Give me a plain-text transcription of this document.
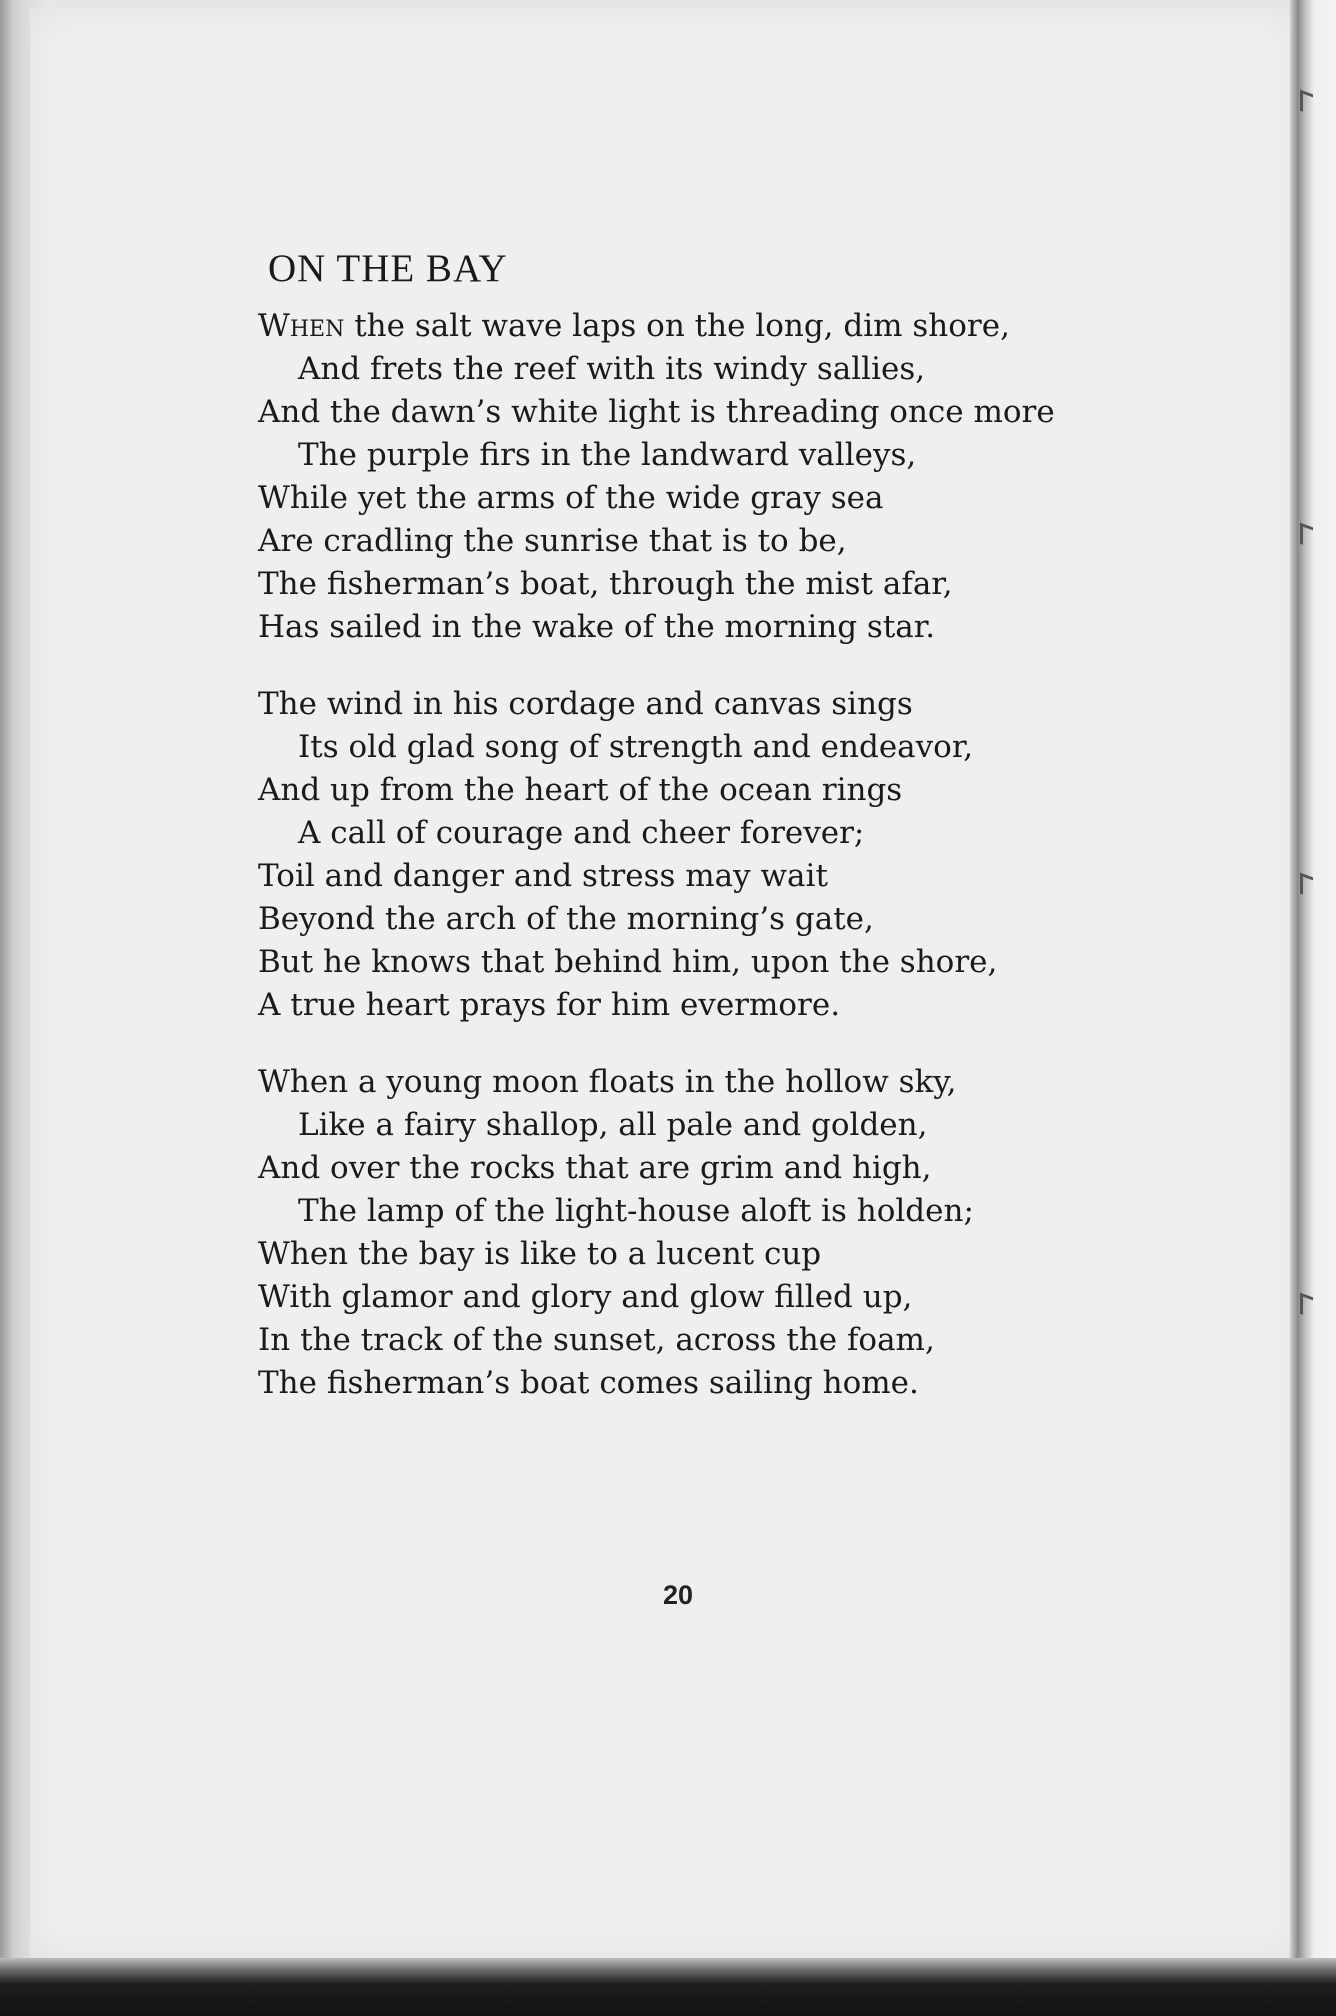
ON THE BAY
When the salt wave laps on the long, dim shore,
And frets the reef with its windy sallies,
And the dawn’s white light is threading once more
The purple firs in the landward valleys,
While yet the arms of the wide gray sea
Are cradling the sunrise that is to be,
The fisherman’s boat, through the mist afar,
Has sailed in the wake of the morning star.
The wind in his cordage and canvas sings
Its old glad song of strength and endeavor,
And up from the heart of the ocean rings
A call of courage and cheer forever;
Toil and danger and stress may wait
Beyond the arch of the morning’s gate,
But he knows that behind him, upon the shore,
A true heart prays for him evermore.
When a young moon floats in the hollow sky,
Like a fairy shallop, all pale and golden,
And over the rocks that are grim and high,
The lamp of the light-house aloft is holden;
When the bay is like to a lucent cup
With glamor and glory and glow filled up,
In the track of the sunset, across the foam,
The fisherman’s boat comes sailing home.
20
